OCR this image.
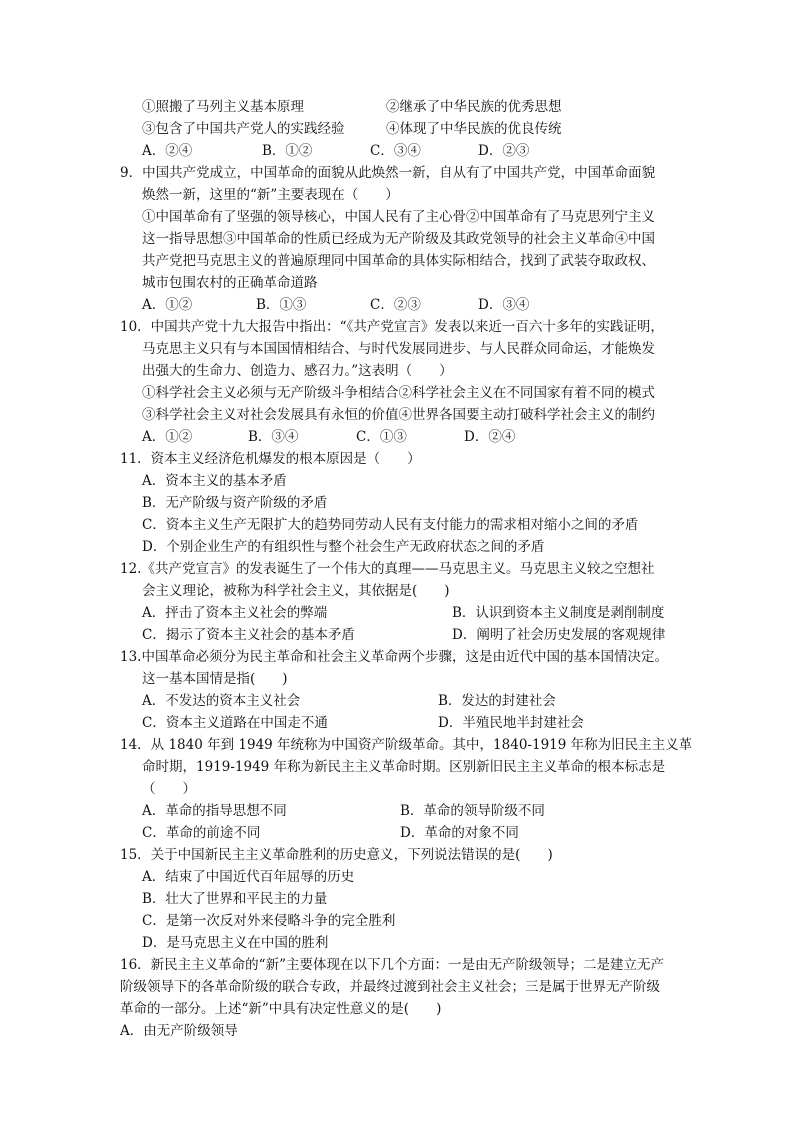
①照搬了马列主义基本原理	②继承了中华民族的优秀思想
③包含了中国共产党人的实践经验	④体现了中华民族的优良传统
A．②④	B．①②	C．③④	D．②③
9．中国共产党成立，中国革命的面貌从此焕然一新，自从有了中国共产党，中国革命面貌
焕然一新，这里的“新”主要表现在（　　）
①中国革命有了坚强的领导核心，中国人民有了主心骨②中国革命有了马克思列宁主义
这一指导思想③中国革命的性质已经成为无产阶级及其政党领导的社会主义革命④中国
共产党把马克思主义的普遍原理同中国革命的具体实际相结合，找到了武装夺取政权、
城市包围农村的正确革命道路
A．①②	B．①③	C．②③	D．③④
10．中国共产党十九大报告中指出：“《共产党宣言》发表以来近一百六十多年的实践证明，
马克思主义只有与本国国情相结合、与时代发展同进步、与人民群众同命运，才能焕发
出强大的生命力、创造力、感召力。”这表明（　　）
①科学社会主义必须与无产阶级斗争相结合②科学社会主义在不同国家有着不同的模式
③科学社会主义对社会发展具有永恒的价值④世界各国要主动打破科学社会主义的制约
A．①②	B．③④	C．①③	D．②④
11．资本主义经济危机爆发的根本原因是（　　）
A．资本主义的基本矛盾
B．无产阶级与资产阶级的矛盾
C．资本主义生产无限扩大的趋势同劳动人民有支付能力的需求相对缩小之间的矛盾
D．个别企业生产的有组织性与整个社会生产无政府状态之间的矛盾
12.《共产党宣言》的发表诞生了一个伟大的真理——马克思主义。马克思主义较之空想社
会主义理论，被称为科学社会主义，其依据是(　　)
A．抨击了资本主义社会的弊端	B．认识到资本主义制度是剥削制度
C．揭示了资本主义社会的基本矛盾	D．阐明了社会历史发展的客观规律
13.中国革命必须分为民主革命和社会主义革命两个步骤，这是由近代中国的基本国情决定。
这一基本国情是指(　　)
A．不发达的资本主义社会	B．发达的封建社会
C．资本主义道路在中国走不通	D．半殖民地半封建社会
14．从 1840 年到 1949 年统称为中国资产阶级革命。其中，1840-1919 年称为旧民主主义革
命时期，1919-1949 年称为新民主主义革命时期。区别新旧民主主义革命的根本标志是
（　　）
A．革命的指导思想不同	B．革命的领导阶级不同
C．革命的前途不同	D．革命的对象不同
15．关于中国新民主主义革命胜利的历史意义，下列说法错误的是(　　)
A．结束了中国近代百年屈辱的历史
B．壮大了世界和平民主的力量
C．是第一次反对外来侵略斗争的完全胜利
D．是马克思主义在中国的胜利
16．新民主主义革命的“新”主要体现在以下几个方面：一是由无产阶级领导；二是建立无产
阶级领导下的各革命阶级的联合专政，并最终过渡到社会主义社会；三是属于世界无产阶级
革命的一部分。上述“新”中具有决定性意义的是(　　)
A．由无产阶级领导
